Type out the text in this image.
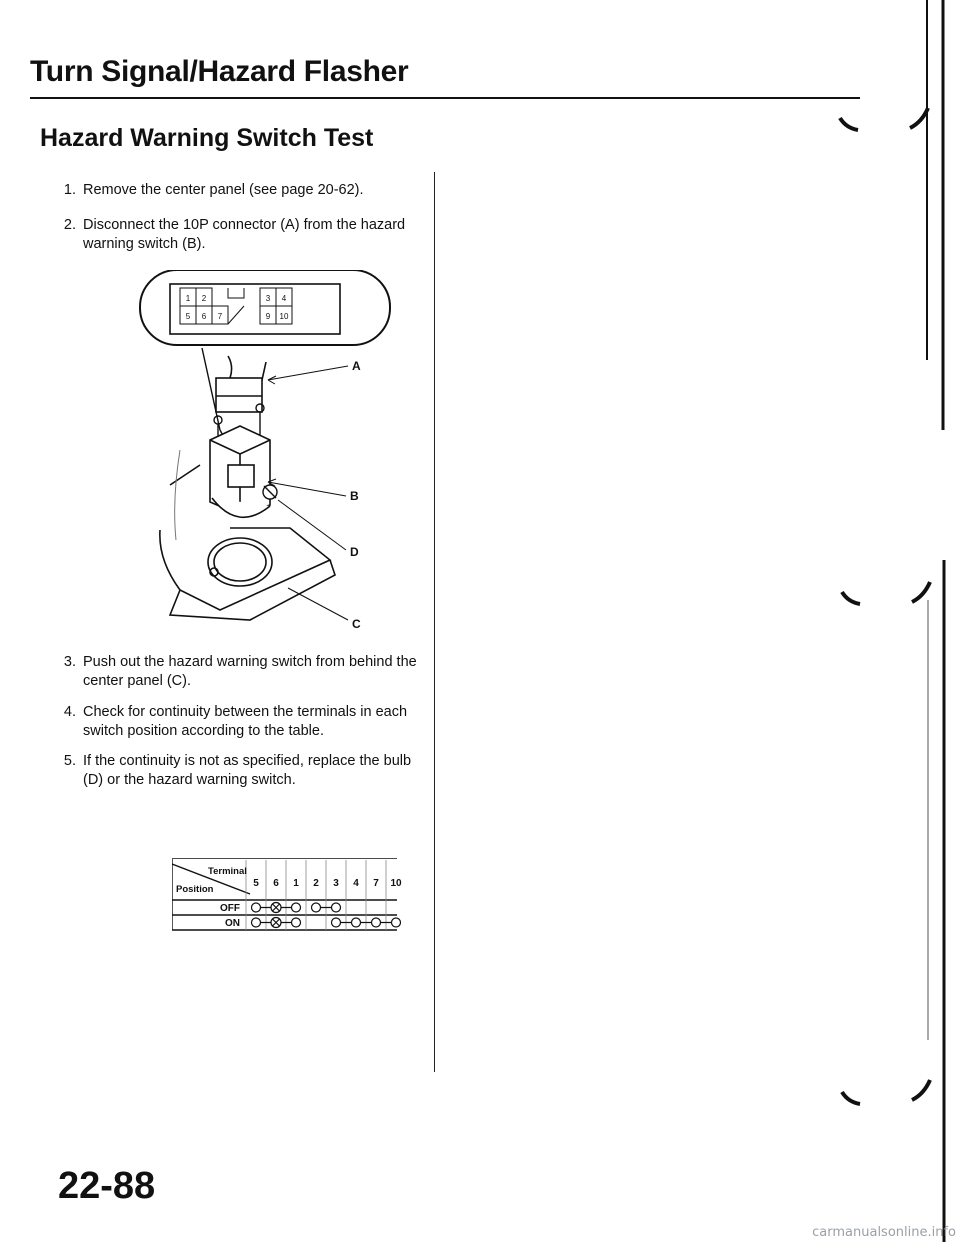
Turn Signal/Hazard Flasher
Hazard Warning Switch Test
1. Remove the center panel (see page 20-62).
2. Disconnect the 10P connector (A) from the hazard warning switch (B).
1 2	3 4
5 6 7	9 10
A
B
D
C
3. Push out the hazard warning switch from behind the center panel (C).
4. Check for continuity between the terminals in each switch position according to the table.
5. If the continuity is not as specified, replace the bulb (D) or the hazard warning switch.
Terminal
Position
5 6 1 2 3 4 7 10
OFF
ON
22-88
carmanualsonline.info
